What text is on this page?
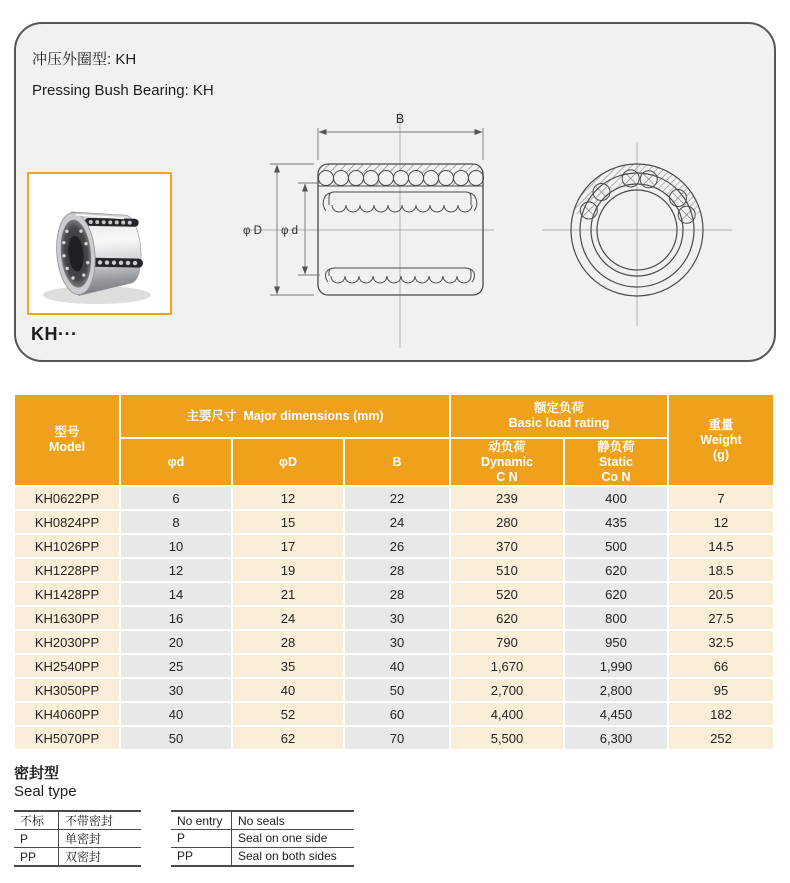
冲压外圈型: KH
Pressing Bush Bearing: KH
KH···
B
φ D φ d
型号
Model
	主要尺寸 Major dimensions (mm)	
额定负荷
Basic load rating	重量
Weight
(g)

φd	φD	B	
动负荷
Dynamic
C N

静负荷
Static
Co N

KH0622PP	6	12	22	239	400	7
KH0824PP	8	15	24	280	435	12
KH1026PP	10	17	26	370	500	14.5
KH1228PP	12	19	28	510	620	18.5
KH1428PP	14	21	28	520	620	20.5
KH1630PP	16	24	30	620	800	27.5
KH2030PP	20	28	30	790	950	32.5
KH2540PP	25	35	40	1,670	1,990	66
KH3050PP	30	40	50	2,700	2,800	95
KH4060PP	40	52	60	4,400	4,450	182
KH5070PP	50	62	70	5,500	6,300	252
密封型
Seal type
不标	不带密封
P	单密封
PP	双密封
No entry	No seals
P	Seal on one side
PP	Seal on both sides
